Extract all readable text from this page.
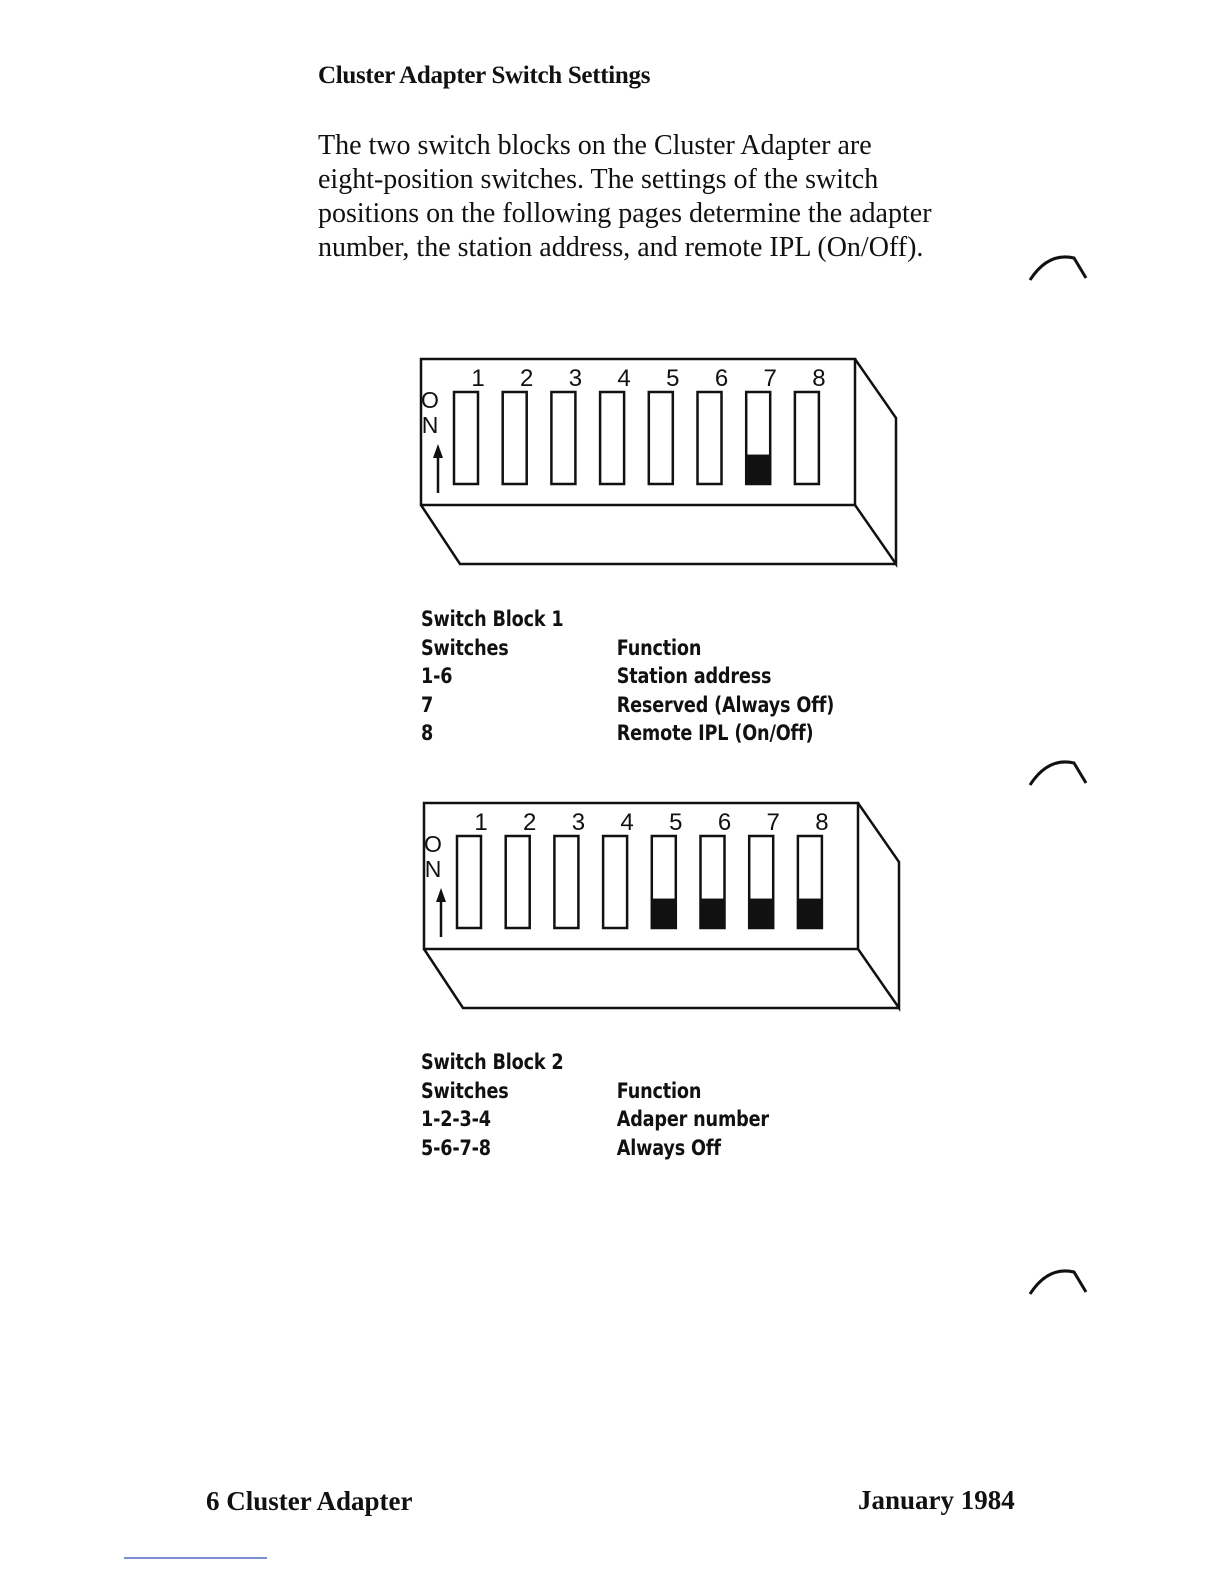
Cluster Adapter Switch Settings

The two switch blocks on the Cluster Adapter are
eight-position switches. The settings of the switch
positions on the following pages determine the adapter
number, the station address, and remote IPL (On/Off).

O
N
1 2 3 4 5 6 7 8
Switch Block 1
Switches	Function
1-6	Station address
7	Reserved (Always Off)
8	Remote IPL (On/Off)
O
N
1 2 3 4 5 6 7 8
Switch Block 2
Switches	Function
1-2-3-4	Adaper number
5-6-7-8	Always Off
6 Cluster Adapter	January 1984
